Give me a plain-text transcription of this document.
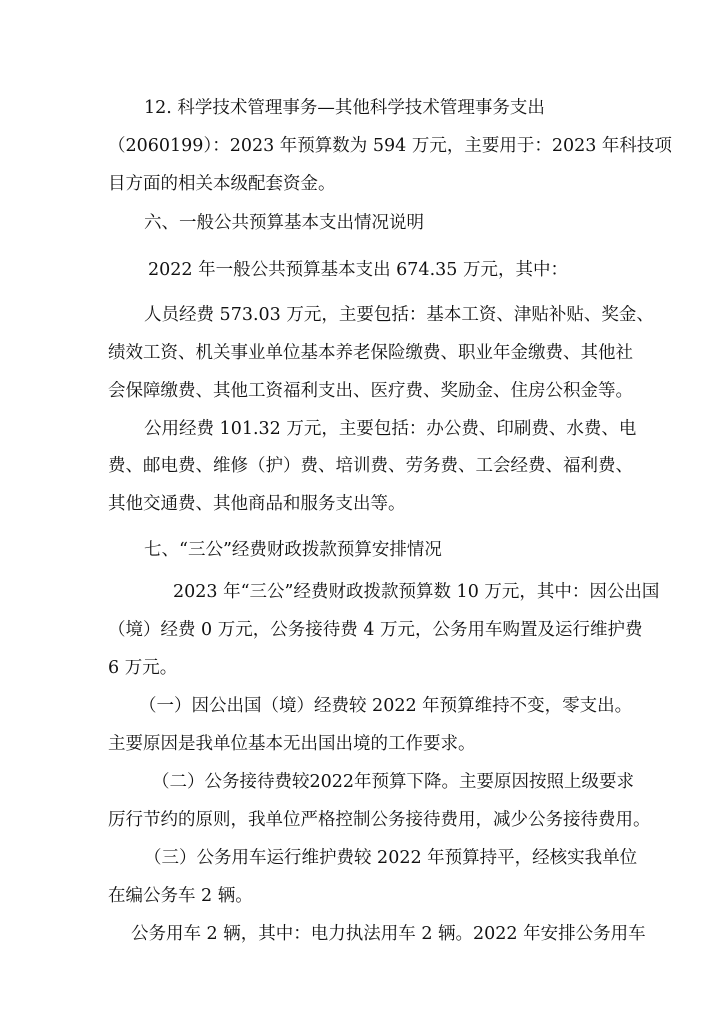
12. 科学技术管理事务—其他科学技术管理事务支出
（2060199）：2023 年预算数为 594 万元，主要用于：2023 年科技项
目方面的相关本级配套资金。
六、一般公共预算基本支出情况说明
2022 年一般公共预算基本支出 674.35 万元，其中：
人员经费 573.03 万元，主要包括：基本工资、津贴补贴、奖金、
绩效工资、机关事业单位基本养老保险缴费、职业年金缴费、其他社
会保障缴费、其他工资福利支出、医疗费、奖励金、住房公积金等。
公用经费 101.32 万元，主要包括：办公费、印刷费、水费、电
费、邮电费、维修（护）费、培训费、劳务费、工会经费、福利费、
其他交通费、其他商品和服务支出等。
七、“三公”经费财政拨款预算安排情况
2023 年“三公”经费财政拨款预算数 10 万元，其中：因公出国
（境）经费 0 万元，公务接待费 4 万元，公务用车购置及运行维护费
6 万元。
（一）因公出国（境）经费较 2022 年预算维持不变，零支出。
主要原因是我单位基本无出国出境的工作要求。
（二）公务接待费较2022年预算下降。主要原因按照上级要求
厉行节约的原则，我单位严格控制公务接待费用，减少公务接待费用。
（三）公务用车运行维护费较 2022 年预算持平，经核实我单位
在编公务车 2 辆。
公务用车 2 辆，其中：电力执法用车 2 辆。2022 年安排公务用车
